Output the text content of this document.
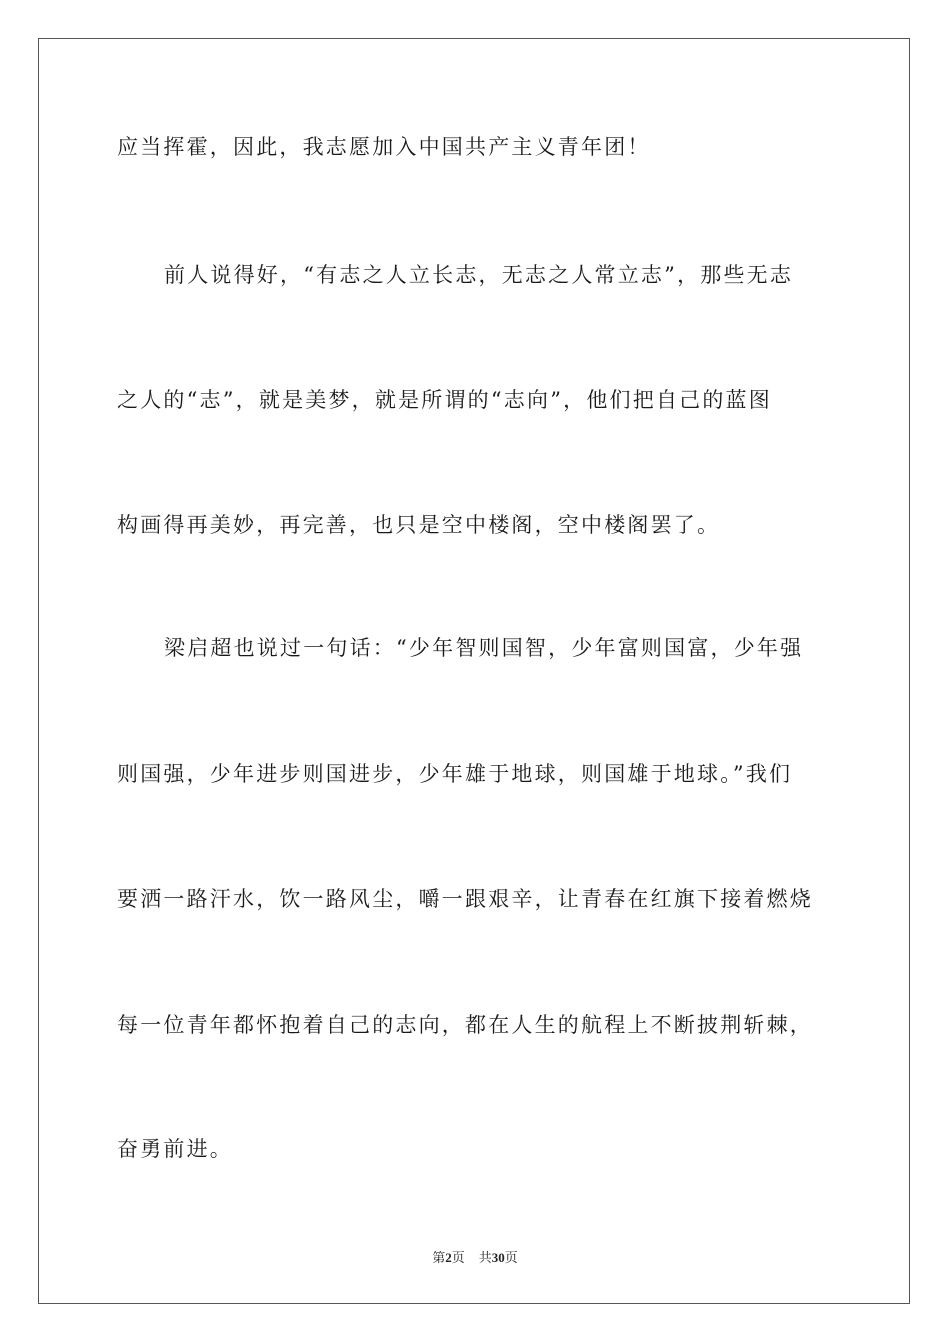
应当挥霍，因此，我志愿加入中国共产主义青年团！
前人说得好，“有志之人立长志，无志之人常立志”，那些无志
之人的“志”，就是美梦，就是所谓的“志向”，他们把自己的蓝图
构画得再美妙，再完善，也只是空中楼阁，空中楼阁罢了。
梁启超也说过一句话：“少年智则国智，少年富则国富，少年强
则国强，少年进步则国进步，少年雄于地球，则国雄于地球。”我们
要洒一路汗水，饮一路风尘，嚼一跟艰辛，让青春在红旗下接着燃烧
每一位青年都怀抱着自己的志向，都在人生的航程上不断披荆斩棘，
奋勇前进。
第2页 共30页
